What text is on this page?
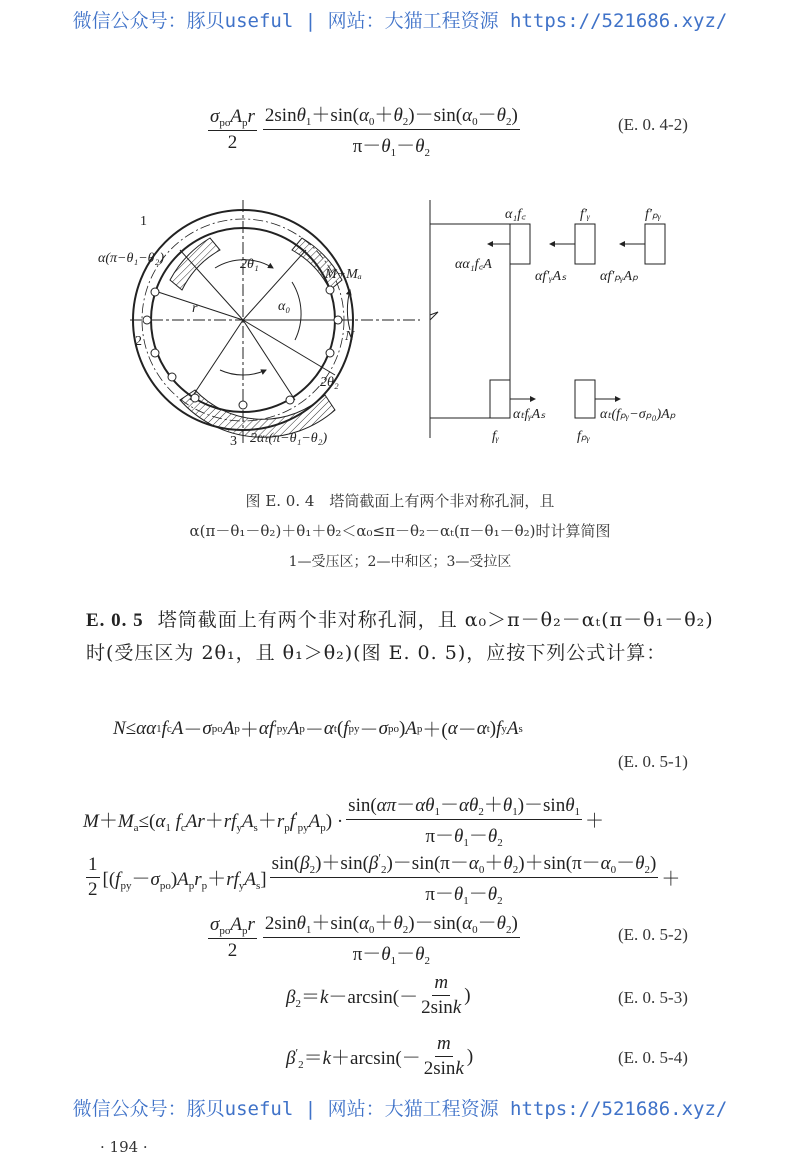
微信公众号：豚贝useful | 网站：大猫工程资源 https://521686.xyz/
$\frac{\sigma_{po}A_pr}{2} \frac{2\sin\theta_1+\sin(\alpha_0+\theta_2)-\sin(\alpha_0-\theta_2)}{\pi-\theta_1-\theta_2}$	(E. 0. 4-2)
1
2
3
α(π−θ₁−θ₂)	2θ₁
r	α₀
2θ₂
2αₜ(π−θ₁−θ₂)
M+Mₐ
N
α₁f꜀	f′ᵧ	f′ₚᵧ
αα₁f꜀A
αf′ᵧAₛ αf′ₚᵧAₚ
αₜfᵧAₛ	αₜ(fₚᵧ−σₚ₀)Aₚ
fᵧ	fₚᵧ
图 E. 0. 4　塔筒截面上有两个非对称孔洞，且
α(π－θ₁－θ₂)＋θ₁＋θ₂＜α₀≤π－θ₂－αₜ(π－θ₁－θ₂)时计算简图
1—受压区；2—中和区；3—受拉区
E. 0. 5 塔筒截面上有两个非对称孔洞，且 α₀＞π－θ₂－αₜ(π－θ₁－θ₂)时(受压区为 2θ₁，且 θ₁＞θ₂)(图 E. 0. 5)，应按下列公式计算：
N ≤ αα 1 f c A － σ po A p ＋ αf ′ py A p － α t ( f py － σ po ) A p ＋( α － α t ) f y A s
(E. 0. 5-1)
$M+M_a\le(\alpha_1$ $f_cAr+rf_yA_s+r_pf'_{py}A_p) \cdot \frac{\sin(\alpha\pi-\alpha\theta_1-\alpha\theta_2+\theta_1)-\sin\theta_1}{\pi-\theta_1-\theta_2}$ ＋
$\frac{1}{2} [(f_{py}-\sigma_{po})A_pr_p+rf_yA_s] \frac{\sin(\beta_2)+\sin(\beta'_2)-\sin(\pi-\alpha_0+\theta_2)+\sin(\pi-\alpha_0-\theta_2)}{\pi-\theta_1-\theta_2}$ ＋
$\frac{\sigma_{po}A_pr}{2} \frac{2\sin\theta_1+\sin(\alpha_0+\theta_2)-\sin(\alpha_0-\theta_2)}{\pi-\theta_1-\theta_2}$	(E. 0. 5-2)
$\beta_2=k-\arcsin(- \frac{m}{2\sin k}$ )	(E. 0. 5-3)
$\beta'_2=k+\arcsin(- \frac{m}{2\sin k}$ )	(E. 0. 5-4)
微信公众号：豚贝useful | 网站：大猫工程资源 https://521686.xyz/
· 194 ·
